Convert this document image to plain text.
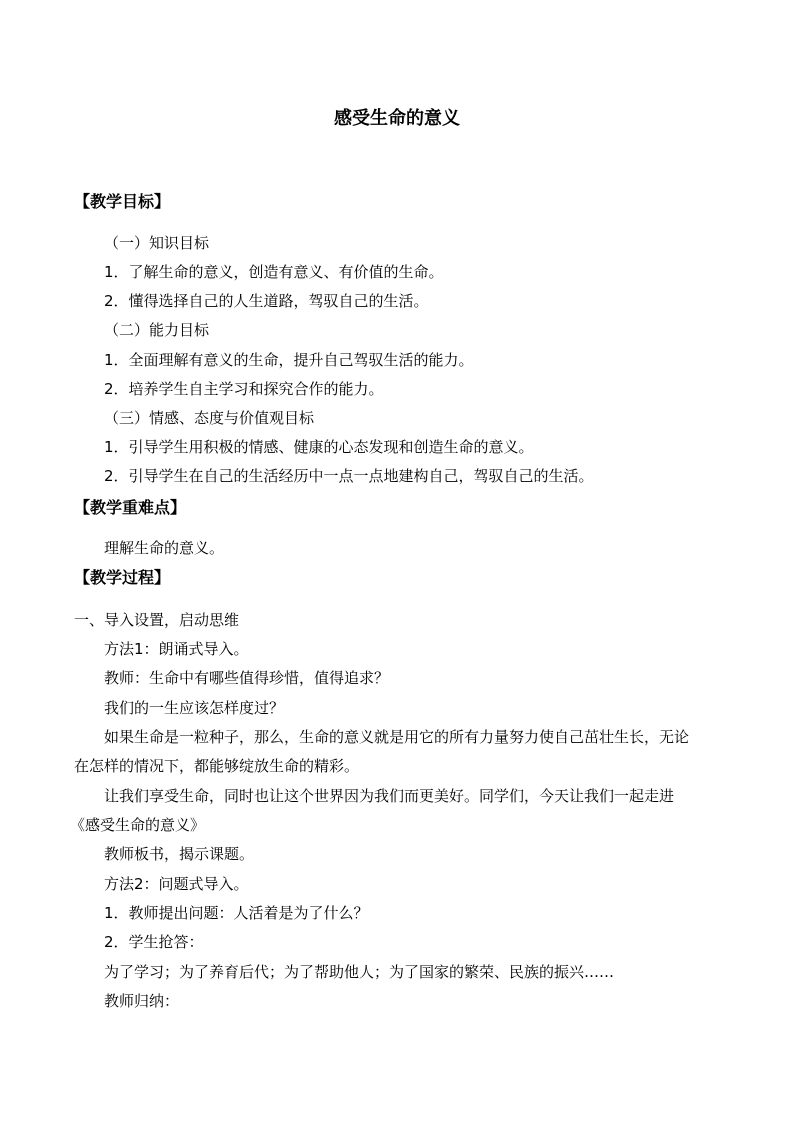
感受生命的意义
【教学目标】
（一）知识目标
1．了解生命的意义，创造有意义、有价值的生命。
2．懂得选择自己的人生道路，驾驭自己的生活。
（二）能力目标
1．全面理解有意义的生命，提升自己驾驭生活的能力。
2．培养学生自主学习和探究合作的能力。
（三）情感、态度与价值观目标
1．引导学生用积极的情感、健康的心态发现和创造生命的意义。
2．引导学生在自己的生活经历中一点一点地建构自己，驾驭自己的生活。
【教学重难点】
理解生命的意义。
【教学过程】
一、导入设置，启动思维
方法1：朗诵式导入。
教师：生命中有哪些值得珍惜，值得追求？
我们的一生应该怎样度过？
如果生命是一粒种子，那么，生命的意义就是用它的所有力量努力使自己茁壮生长，无论
在怎样的情况下，都能够绽放生命的精彩。
让我们享受生命，同时也让这个世界因为我们而更美好。同学们，今天让我们一起走进
《感受生命的意义》
教师板书，揭示课题。
方法2：问题式导入。
1．教师提出问题：人活着是为了什么？
2．学生抢答：
为了学习；为了养育后代；为了帮助他人；为了国家的繁荣、民族的振兴……
教师归纳：
